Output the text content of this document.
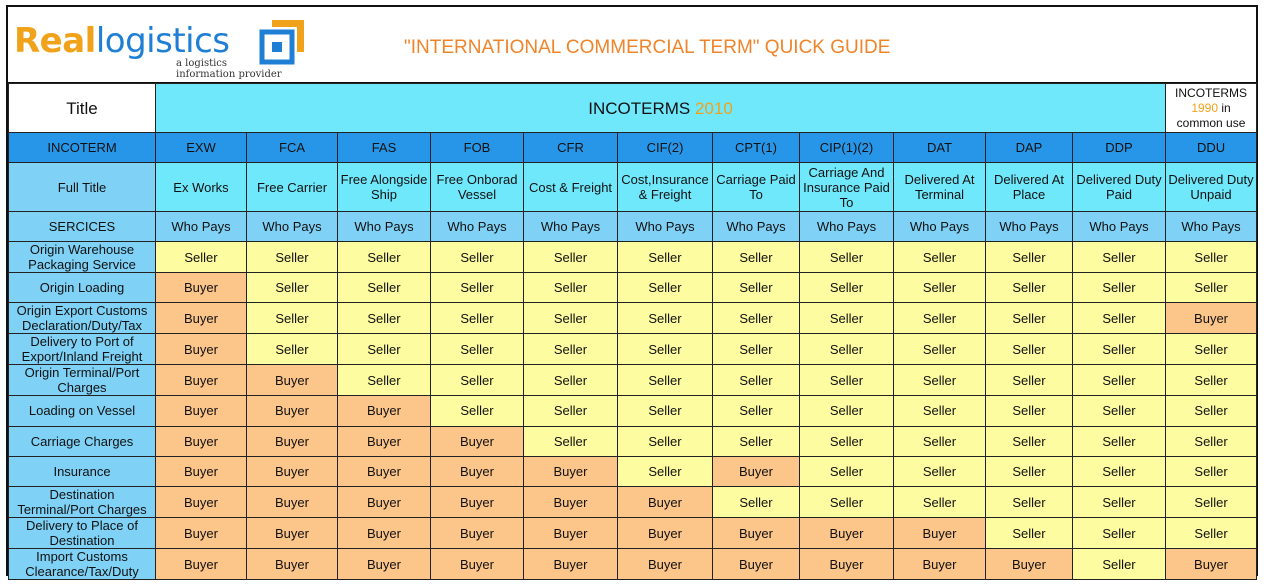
Reallogistics
a logistics
information provider
"INTERNATIONAL COMMERCIAL TERM" QUICK GUIDE
Title	INCOTERMS 2010											INCOTERMS
1990 in
common use

INCOTERM	EXW	FCA	FAS	FOB	CFR	CIF(2)	CPT(1)	CIP(1)(2)	DAT	DAP	DDP	DDU
Full Title	Ex Works	Free Carrier	Free Alongside Ship	Free Onborad Vessel	Cost & Freight	Cost,Insurance & Freight	Carriage Paid To	Carriage And Insurance Paid To	Delivered At Terminal	Delivered At Place	Delivered Duty Paid	Delivered Duty Unpaid
SERCICES	Who Pays	Who Pays	Who Pays	Who Pays	Who Pays	Who Pays	Who Pays	Who Pays	Who Pays	Who Pays	Who Pays	Who Pays
Origin Warehouse Packaging Service	Seller	Seller	Seller	Seller	Seller	Seller	Seller	Seller	Seller	Seller	Seller	Seller
Origin Loading	Buyer	Seller	Seller	Seller	Seller	Seller	Seller	Seller	Seller	Seller	Seller	Seller
Origin Export Customs Declaration/Duty/Tax	Buyer	Seller	Seller	Seller	Seller	Seller	Seller	Seller	Seller	Seller	Seller	Buyer
Delivery to Port of Export/Inland Freight	Buyer	Seller	Seller	Seller	Seller	Seller	Seller	Seller	Seller	Seller	Seller	Seller
Origin Terminal/Port Charges	Buyer	Buyer	Seller	Seller	Seller	Seller	Seller	Seller	Seller	Seller	Seller	Seller
Loading on Vessel	Buyer	Buyer	Buyer	Seller	Seller	Seller	Seller	Seller	Seller	Seller	Seller	Seller
Carriage Charges	Buyer	Buyer	Buyer	Buyer	Seller	Seller	Seller	Seller	Seller	Seller	Seller	Seller
Insurance	Buyer	Buyer	Buyer	Buyer	Buyer	Seller	Buyer	Seller	Seller	Seller	Seller	Seller
Destination Terminal/Port Charges	Buyer	Buyer	Buyer	Buyer	Buyer	Buyer	Seller	Seller	Seller	Seller	Seller	Seller
Delivery to Place of Destination	Buyer	Buyer	Buyer	Buyer	Buyer	Buyer	Buyer	Buyer	Buyer	Seller	Seller	Seller
Import Customs Clearance/Tax/Duty	Buyer	Buyer	Buyer	Buyer	Buyer	Buyer	Buyer	Buyer	Buyer	Buyer	Seller	Buyer
